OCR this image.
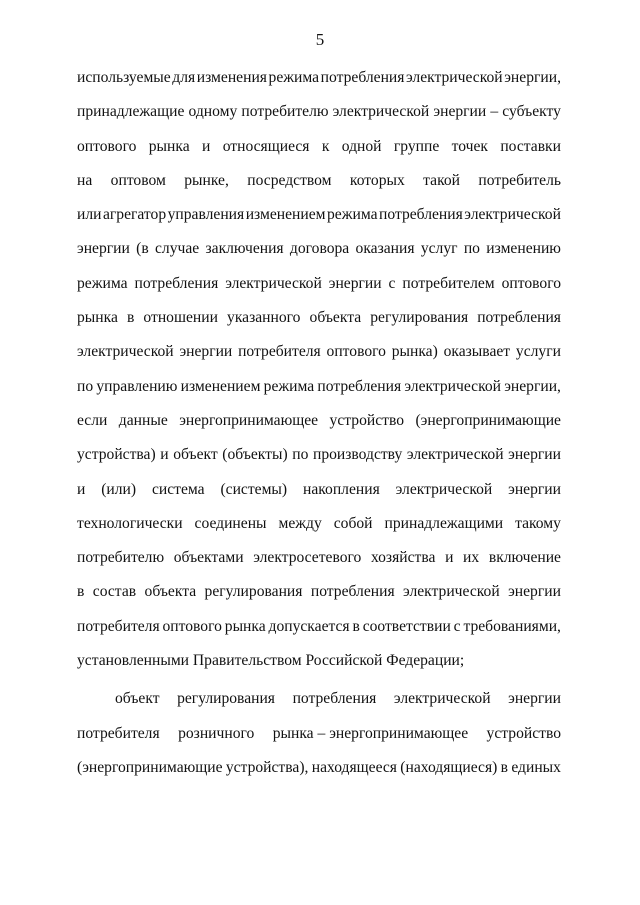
5
используемые для изменения режима потребления электрической энергии,
принадлежащие одному потребителю электрической энергии – субъекту
оптового рынка и относящиеся к одной группе точек поставки
на оптовом рынке, посредством которых такой потребитель
или агрегатор управления изменением режима потребления электрической
энергии (в случае заключения договора оказания услуг по изменению
режима потребления электрической энергии с потребителем оптового
рынка в отношении указанного объекта регулирования потребления
электрической энергии потребителя оптового рынка) оказывает услуги
по управлению изменением режима потребления электрической энергии,
если данные энергопринимающее устройство (энергопринимающие
устройства) и объект (объекты) по производству электрической энергии
и (или) система (системы) накопления электрической энергии
технологически соединены между собой принадлежащими такому
потребителю объектами электросетевого хозяйства и их включение
в состав объекта регулирования потребления электрической энергии
потребителя оптового рынка допускается в соответствии с требованиями,
установленными Правительством Российской Федерации;
объект регулирования потребления электрической энергии
потребителя розничного рынка – энергопринимающее устройство
(энергопринимающие устройства), находящееся (находящиеся) в единых
